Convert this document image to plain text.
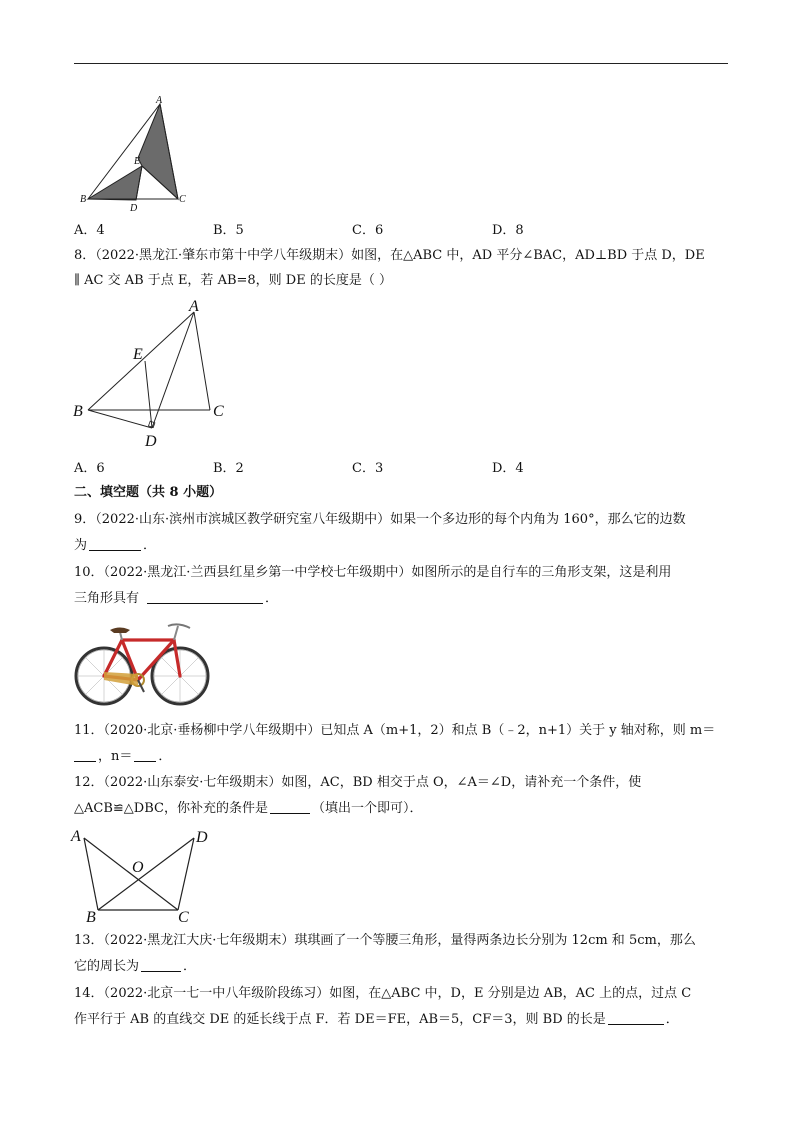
A
E
B
D
C
A．4	B．5	C．6	D．8
8．（2022·黑龙江·肇东市第十中学八年级期末）如图，在△ABC 中，AD 平分∠BAC，AD⊥BD 于点 D，DE
∥ AC 交 AB 于点 E，若 AB=8，则 DE 的长度是（ ）
A
E
B	C
D
A．6	B．2	C．3	D．4
二、填空题（共 8 小题）
9．（2022·山东·滨州市滨城区教学研究室八年级期中）如果一个多边形的每个内角为 160°，那么它的边数
为	．
10．（2022·黑龙江·兰西县红星乡第一中学校七年级期中）如图所示的是自行车的三角形支架，这是利用
三角形具有	．
11．（2020·北京·垂杨柳中学八年级期中）已知点 A（m+1，2）和点 B（﹣2，n+1）关于 y 轴对称，则 m＝
，n＝ ．
12．（2022·山东泰安·七年级期末）如图，AC，BD 相交于点 O，∠A＝∠D，请补充一个条件，使
△ACB≌△DBC，你补充的条件是	（填出一个即可）．
A	D
O
B	C
13．（2022·黑龙江大庆·七年级期末）琪琪画了一个等腰三角形，量得两条边长分别为 12cm 和 5cm，那么
它的周长为	．
14．（2022·北京一七一中八年级阶段练习）如图，在△ABC 中，D，E 分别是边 AB，AC 上的点，过点 C
作平行于 AB 的直线交 DE 的延长线于点 F．若 DE＝FE，AB＝5，CF＝3，则 BD 的长是	．
